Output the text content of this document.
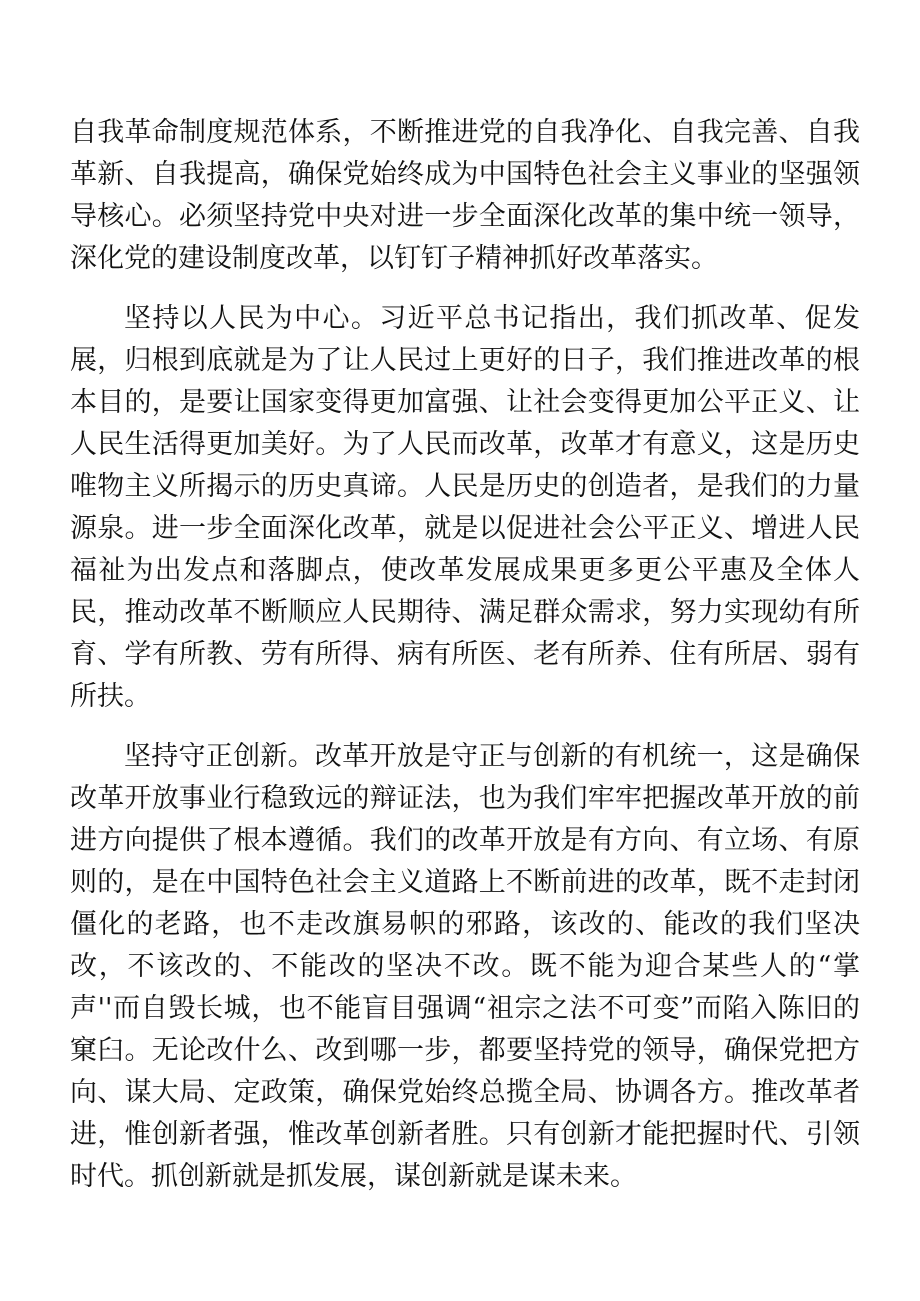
自我革命制度规范体系，不断推进党的自我净化、自我完善、自我革新、自我提高，确保党始终成为中国特色社会主义事业的坚强领导核心。必须坚持党中央对进一步全面深化改革的集中统一领导，深化党的建设制度改革，以钉钉子精神抓好改革落实。

坚持以人民为中心。习近平总书记指出，我们抓改革、促发展，归根到底就是为了让人民过上更好的日子，我们推进改革的根本目的，是要让国家变得更加富强、让社会变得更加公平正义、让人民生活得更加美好。为了人民而改革，改革才有意义，这是历史唯物主义所揭示的历史真谛。人民是历史的创造者，是我们的力量源泉。进一步全面深化改革，就是以促进社会公平正义、增进人民福祉为出发点和落脚点，使改革发展成果更多更公平惠及全体人民，推动改革不断顺应人民期待、满足群众需求，努力实现幼有所育、学有所教、劳有所得、病有所医、老有所养、住有所居、弱有所扶。

坚持守正创新。改革开放是守正与创新的有机统一，这是确保改革开放事业行稳致远的辩证法，也为我们牢牢把握改革开放的前进方向提供了根本遵循。我们的改革开放是有方向、有立场、有原则的，是在中国特色社会主义道路上不断前进的改革，既不走封闭僵化的老路，也不走改旗易帜的邪路，该改的、能改的我们坚决改，不该改的、不能改的坚决不改。既不能为迎合某些人的“掌声''而自毁长城，也不能盲目强调“祖宗之法不可变”而陷入陈旧的窠臼。无论改什么、改到哪一步，都要坚持党的领导，确保党把方向、谋大局、定政策，确保党始终总揽全局、协调各方。推改革者进，惟创新者强，惟改革创新者胜。只有创新才能把握时代、引领时代。抓创新就是抓发展，谋创新就是谋未来。
